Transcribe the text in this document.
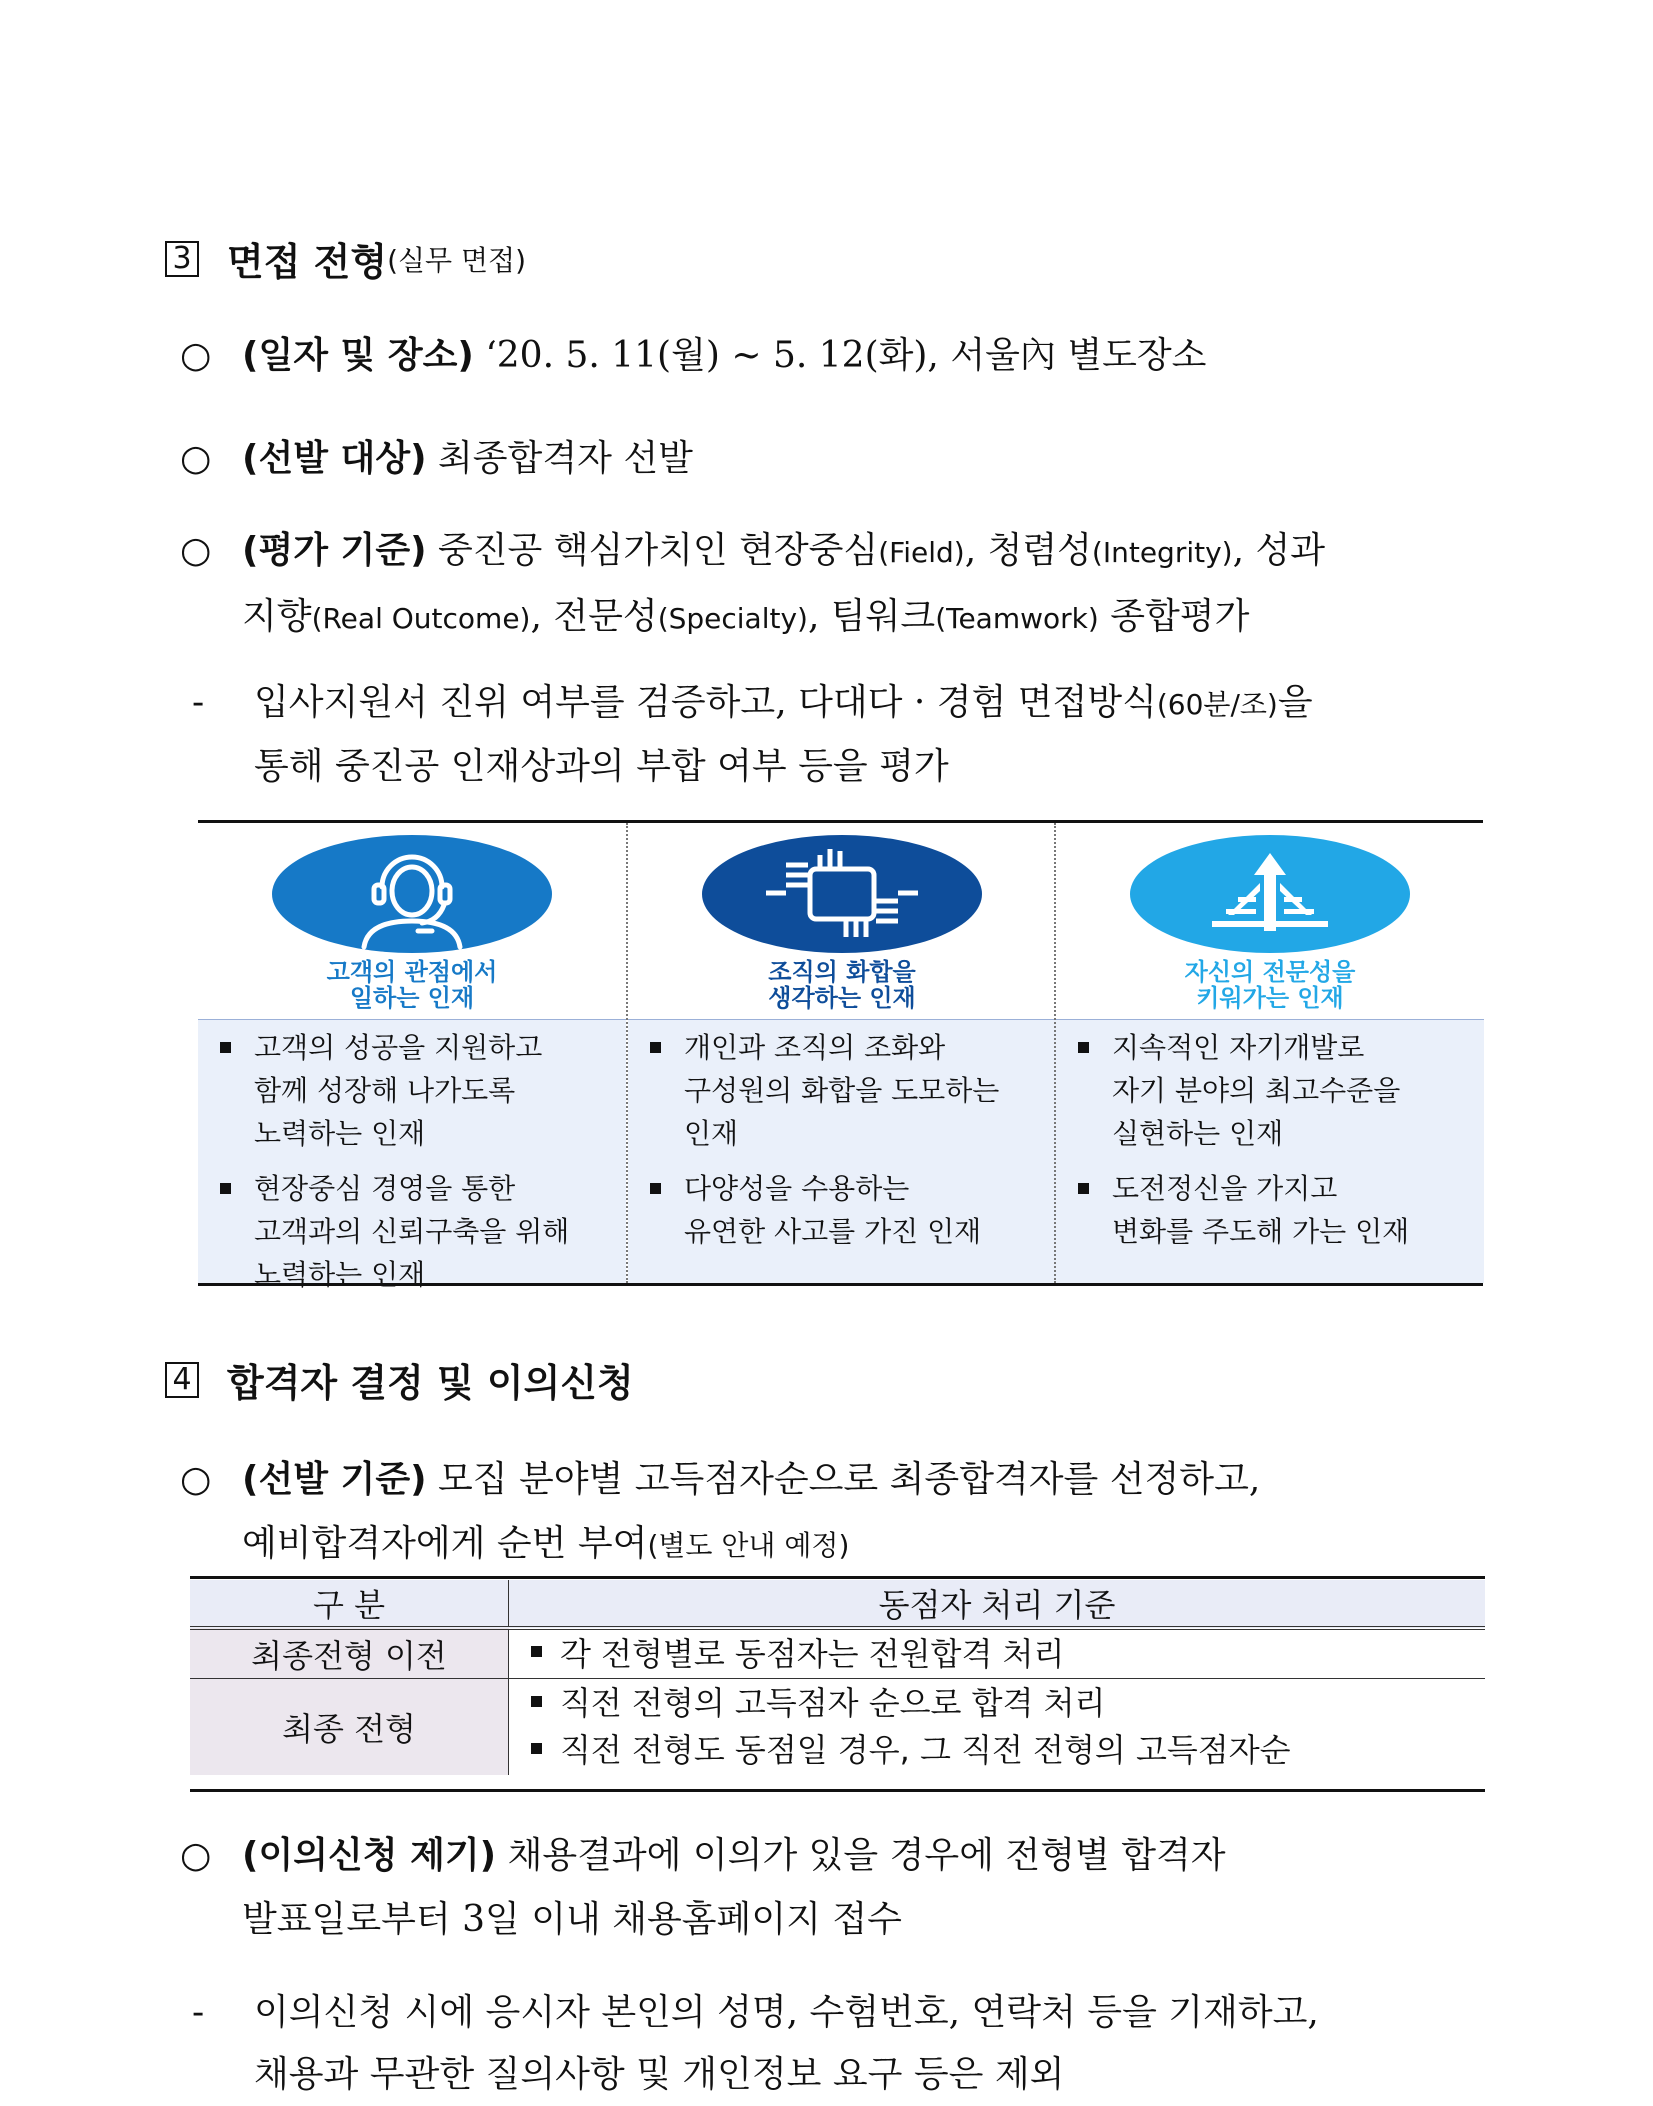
3 면접 전형 (실무 면접)
○ (일자 및 장소) ‘20. 5. 11(월) ~ 5. 12(화), 서울內 별도장소
○ (선발 대상) 최종합격자 선발
○ (평가 기준) 중진공 핵심가치인 현장중심(Field), 청렴성(Integrity), 성과
지향(Real Outcome), 전문성(Specialty), 팀워크(Teamwork) 종합평가
- 입사지원서 진위 여부를 검증하고, 다대다 · 경험 면접방식(60분/조)을
통해 중진공 인재상과의 부합 여부 등을 평가
고객의 관점에서
일하는 인재
고객의 성공을 지원하고
함께 성장해 나가도록
노력하는 인재
현장중심 경영을 통한
고객과의 신뢰구축을 위해
노력하는 인재
조직의 화합을
생각하는 인재
개인과 조직의 조화와
구성원의 화합을 도모하는
인재
다양성을 수용하는
유연한 사고를 가진 인재
자신의 전문성을
키워가는 인재
지속적인 자기개발로
자기 분야의 최고수준을
실현하는 인재
도전정신을 가지고
변화를 주도해 가는 인재
4 합격자 결정 및 이의신청
○ (선발 기준) 모집 분야별 고득점자순으로 최종합격자를 선정하고,
예비합격자에게 순번 부여(별도 안내 예정)
구 분	동점자 처리 기준
최종전형 이전	각 전형별로 동점자는 전원합격 처리
최종 전형	직전 전형의 고득점자 순으로 합격 처리
직전 전형도 동점일 경우, 그 직전 전형의 고득점자순
○ (이의신청 제기) 채용결과에 이의가 있을 경우에 전형별 합격자
발표일로부터 3일 이내 채용홈페이지 접수
- 이의신청 시에 응시자 본인의 성명, 수험번호, 연락처 등을 기재하고,
채용과 무관한 질의사항 및 개인정보 요구 등은 제외
